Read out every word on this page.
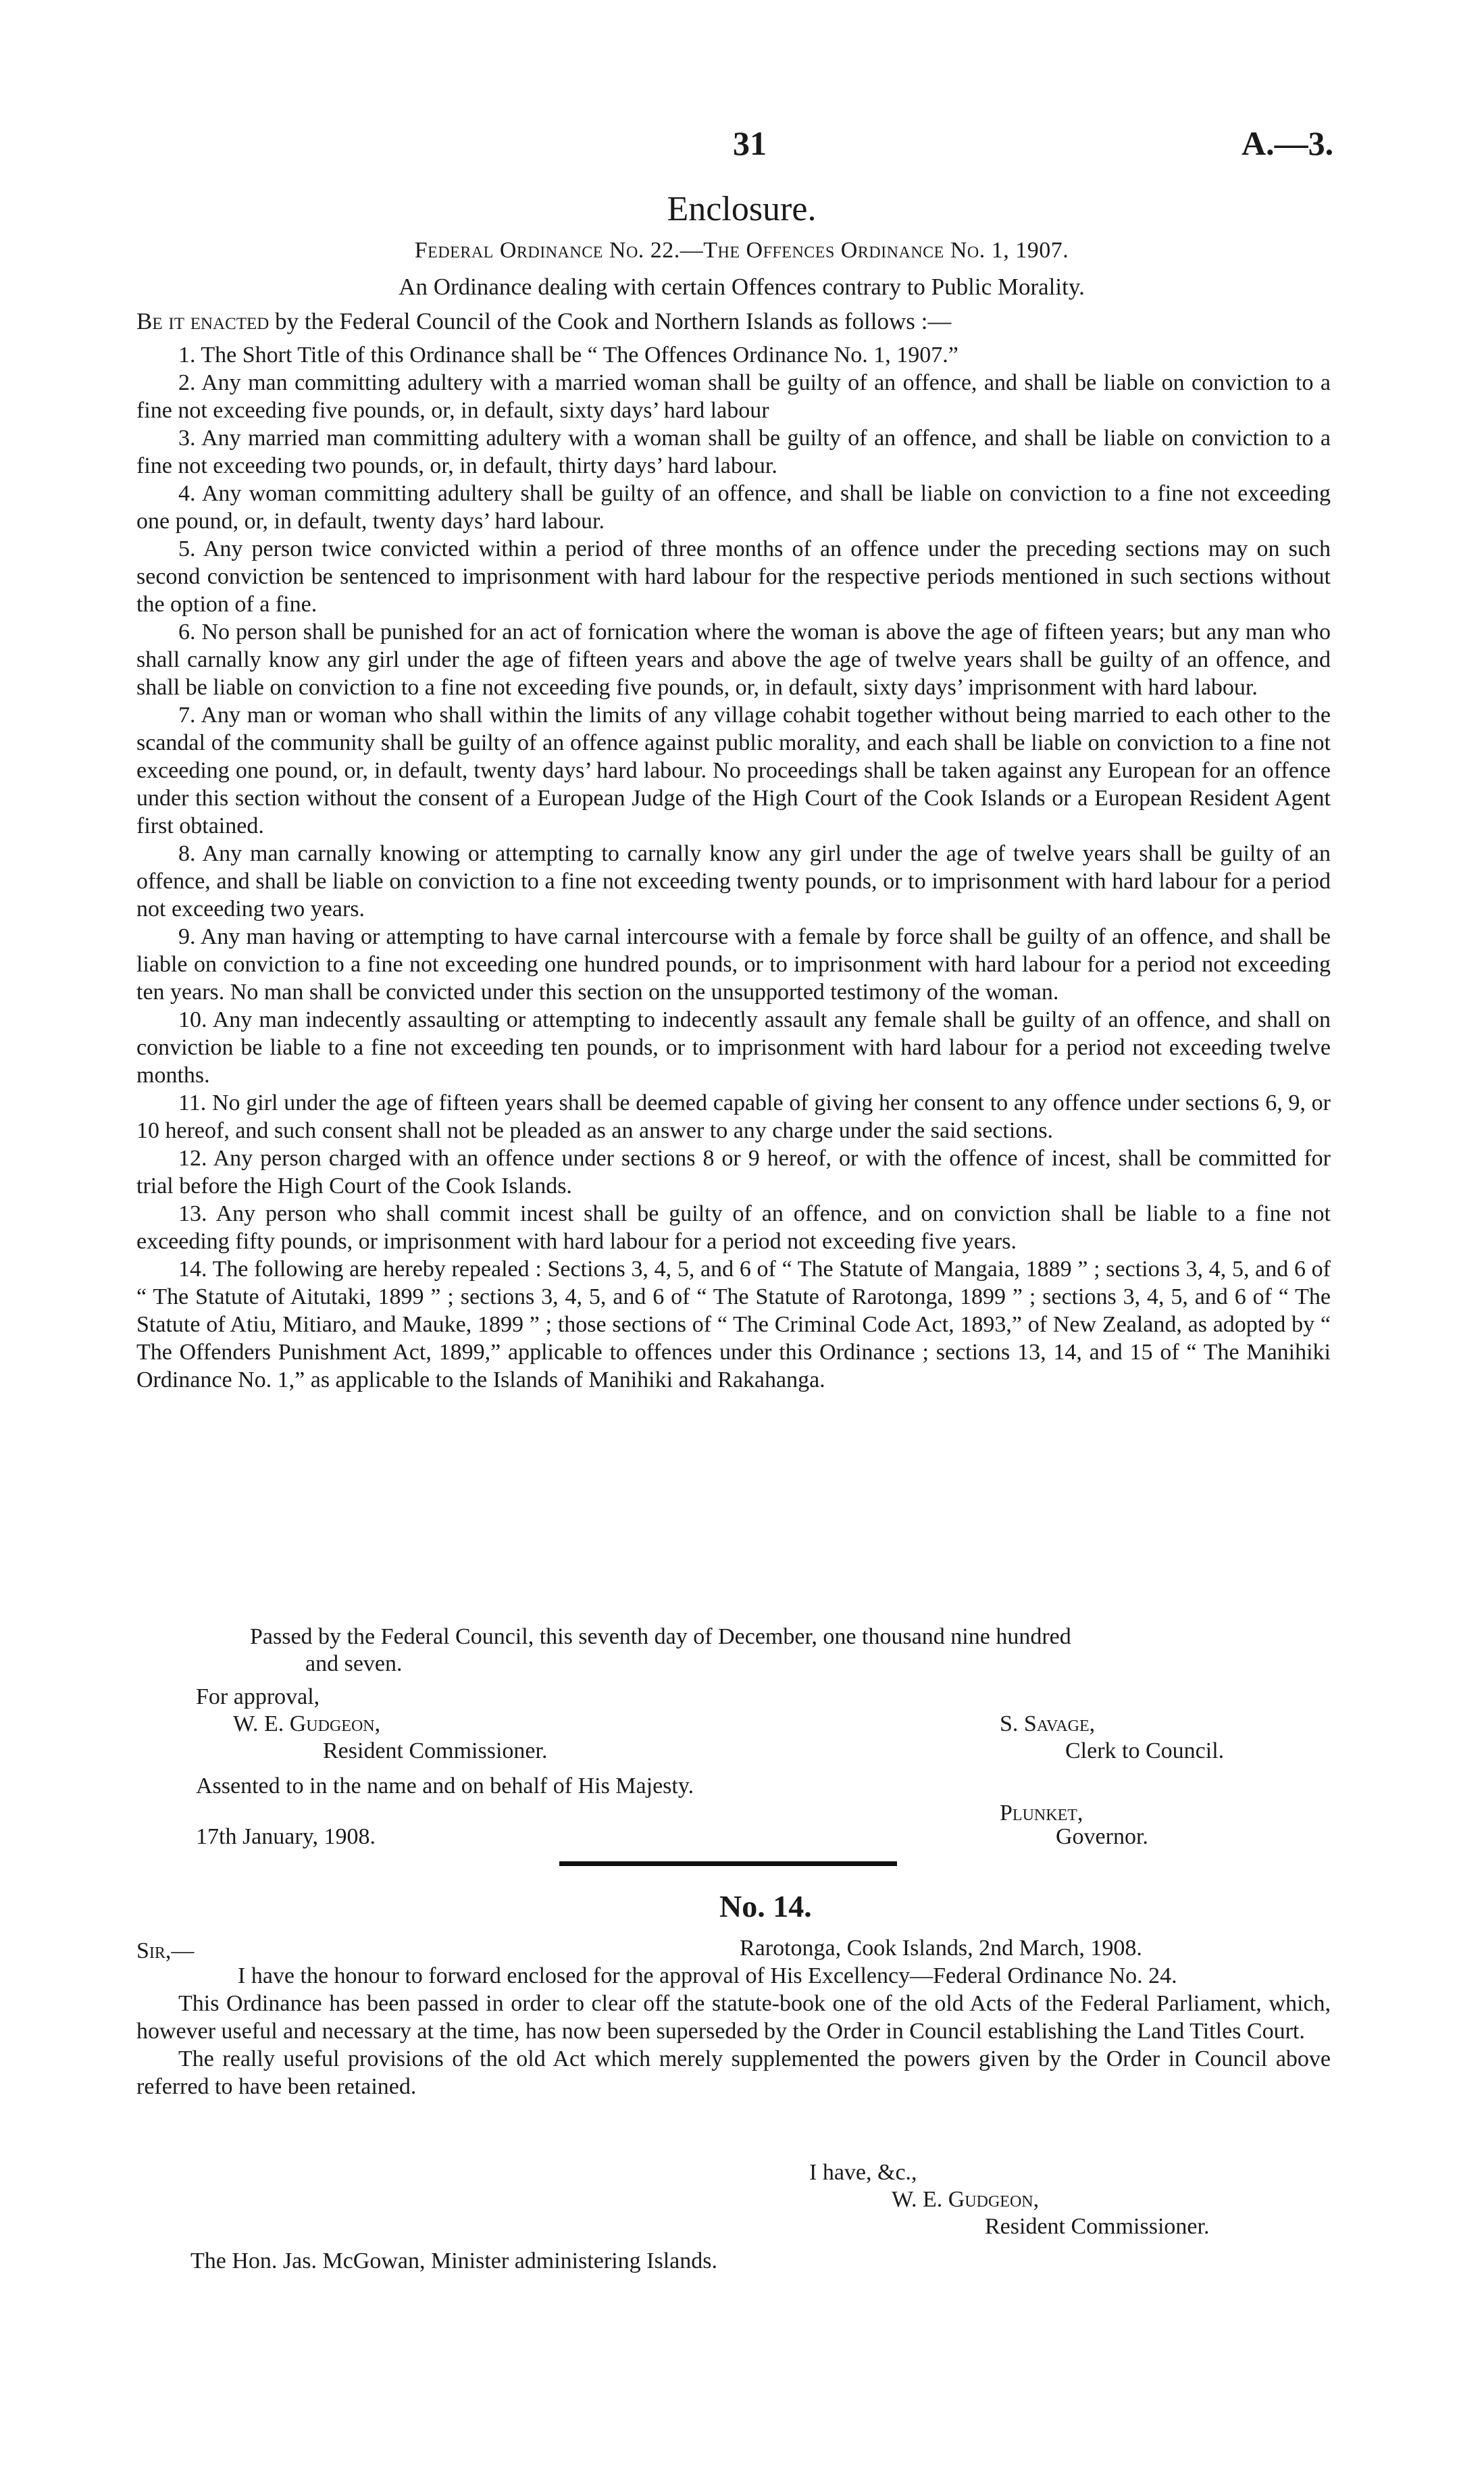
31	A.—3.
Enclosure.
Federal Ordinance No. 22.—The Offences Ordinance No. 1, 1907.
An Ordinance dealing with certain Offences contrary to Public Morality.
Be it enacted by the Federal Council of the Cook and Northern Islands as follows :—

1. The Short Title of this Ordinance shall be “ The Offences Ordinance No. 1, 1907.”

2. Any man committing adultery with a married woman shall be guilty of an offence, and shall be liable on conviction to a fine not exceeding five pounds, or, in default, sixty days’ hard labour

3. Any married man committing adultery with a woman shall be guilty of an offence, and shall be liable on conviction to a fine not exceeding two pounds, or, in default, thirty days’ hard labour.

4. Any woman committing adultery shall be guilty of an offence, and shall be liable on conviction to a fine not exceeding one pound, or, in default, twenty days’ hard labour.

5. Any person twice convicted within a period of three months of an offence under the preceding sections may on such second conviction be sentenced to imprisonment with hard labour for the respective periods mentioned in such sections without the option of a fine.

6. No person shall be punished for an act of fornication where the woman is above the age of fifteen years; but any man who shall carnally know any girl under the age of fifteen years and above the age of twelve years shall be guilty of an offence, and shall be liable on conviction to a fine not exceeding five pounds, or, in default, sixty days’ imprisonment with hard labour.

7. Any man or woman who shall within the limits of any village cohabit together without being married to each other to the scandal of the community shall be guilty of an offence against public morality, and each shall be liable on conviction to a fine not exceeding one pound, or, in default, twenty days’ hard labour. No proceedings shall be taken against any European for an offence under this section without the consent of a European Judge of the High Court of the Cook Islands or a European Resident Agent first obtained.

8. Any man carnally knowing or attempting to carnally know any girl under the age of twelve years shall be guilty of an offence, and shall be liable on conviction to a fine not exceeding twenty pounds, or to imprisonment with hard labour for a period not exceeding two years.

9. Any man having or attempting to have carnal intercourse with a female by force shall be guilty of an offence, and shall be liable on conviction to a fine not exceeding one hundred pounds, or to imprisonment with hard labour for a period not exceeding ten years. No man shall be convicted under this section on the unsupported testimony of the woman.

10. Any man indecently assaulting or attempting to indecently assault any female shall be guilty of an offence, and shall on conviction be liable to a fine not exceeding ten pounds, or to imprisonment with hard labour for a period not exceeding twelve months.

11. No girl under the age of fifteen years shall be deemed capable of giving her consent to any offence under sections 6, 9, or 10 hereof, and such consent shall not be pleaded as an answer to any charge under the said sections.

12. Any person charged with an offence under sections 8 or 9 hereof, or with the offence of incest, shall be committed for trial before the High Court of the Cook Islands.

13. Any person who shall commit incest shall be guilty of an offence, and on conviction shall be liable to a fine not exceeding fifty pounds, or imprisonment with hard labour for a period not exceeding five years.

14. The following are hereby repealed : Sections 3, 4, 5, and 6 of “ The Statute of Mangaia, 1889 ” ; sections 3, 4, 5, and 6 of “ The Statute of Aitutaki, 1899 ” ; sections 3, 4, 5, and 6 of “ The Statute of Rarotonga, 1899 ” ; sections 3, 4, 5, and 6 of “ The Statute of Atiu, Mitiaro, and Mauke, 1899 ” ; those sections of “ The Criminal Code Act, 1893,” of New Zealand, as adopted by “ The Offenders Punishment Act, 1899,” applicable to offences under this Ordinance ; sections 13, 14, and 15 of “ The Manihiki Ordinance No. 1,” as applicable to the Islands of Manihiki and Rakahanga.

Passed by the Federal Council, this seventh day of December, one thousand nine hundred
and seven.
For approval,
W. E. Gudgeon,
Resident Commissioner.
S. Savage,
Clerk to Council.
Assented to in the name and on behalf of His Majesty.
Plunket,
Governor.
17th January, 1908.
No. 14.
Sir,—	Rarotonga, Cook Islands, 2nd March, 1908.

I have the honour to forward enclosed for the approval of His Excellency—Federal Ordinance No. 24.

This Ordinance has been passed in order to clear off the statute-book one of the old Acts of the Federal Parliament, which, however useful and necessary at the time, has now been superseded by the Order in Council establishing the Land Titles Court.

The really useful provisions of the old Act which merely supplemented the powers given by the Order in Council above referred to have been retained.

I have, &c.,
W. E. Gudgeon,
Resident Commissioner.
The Hon. Jas. McGowan, Minister administering Islands.
